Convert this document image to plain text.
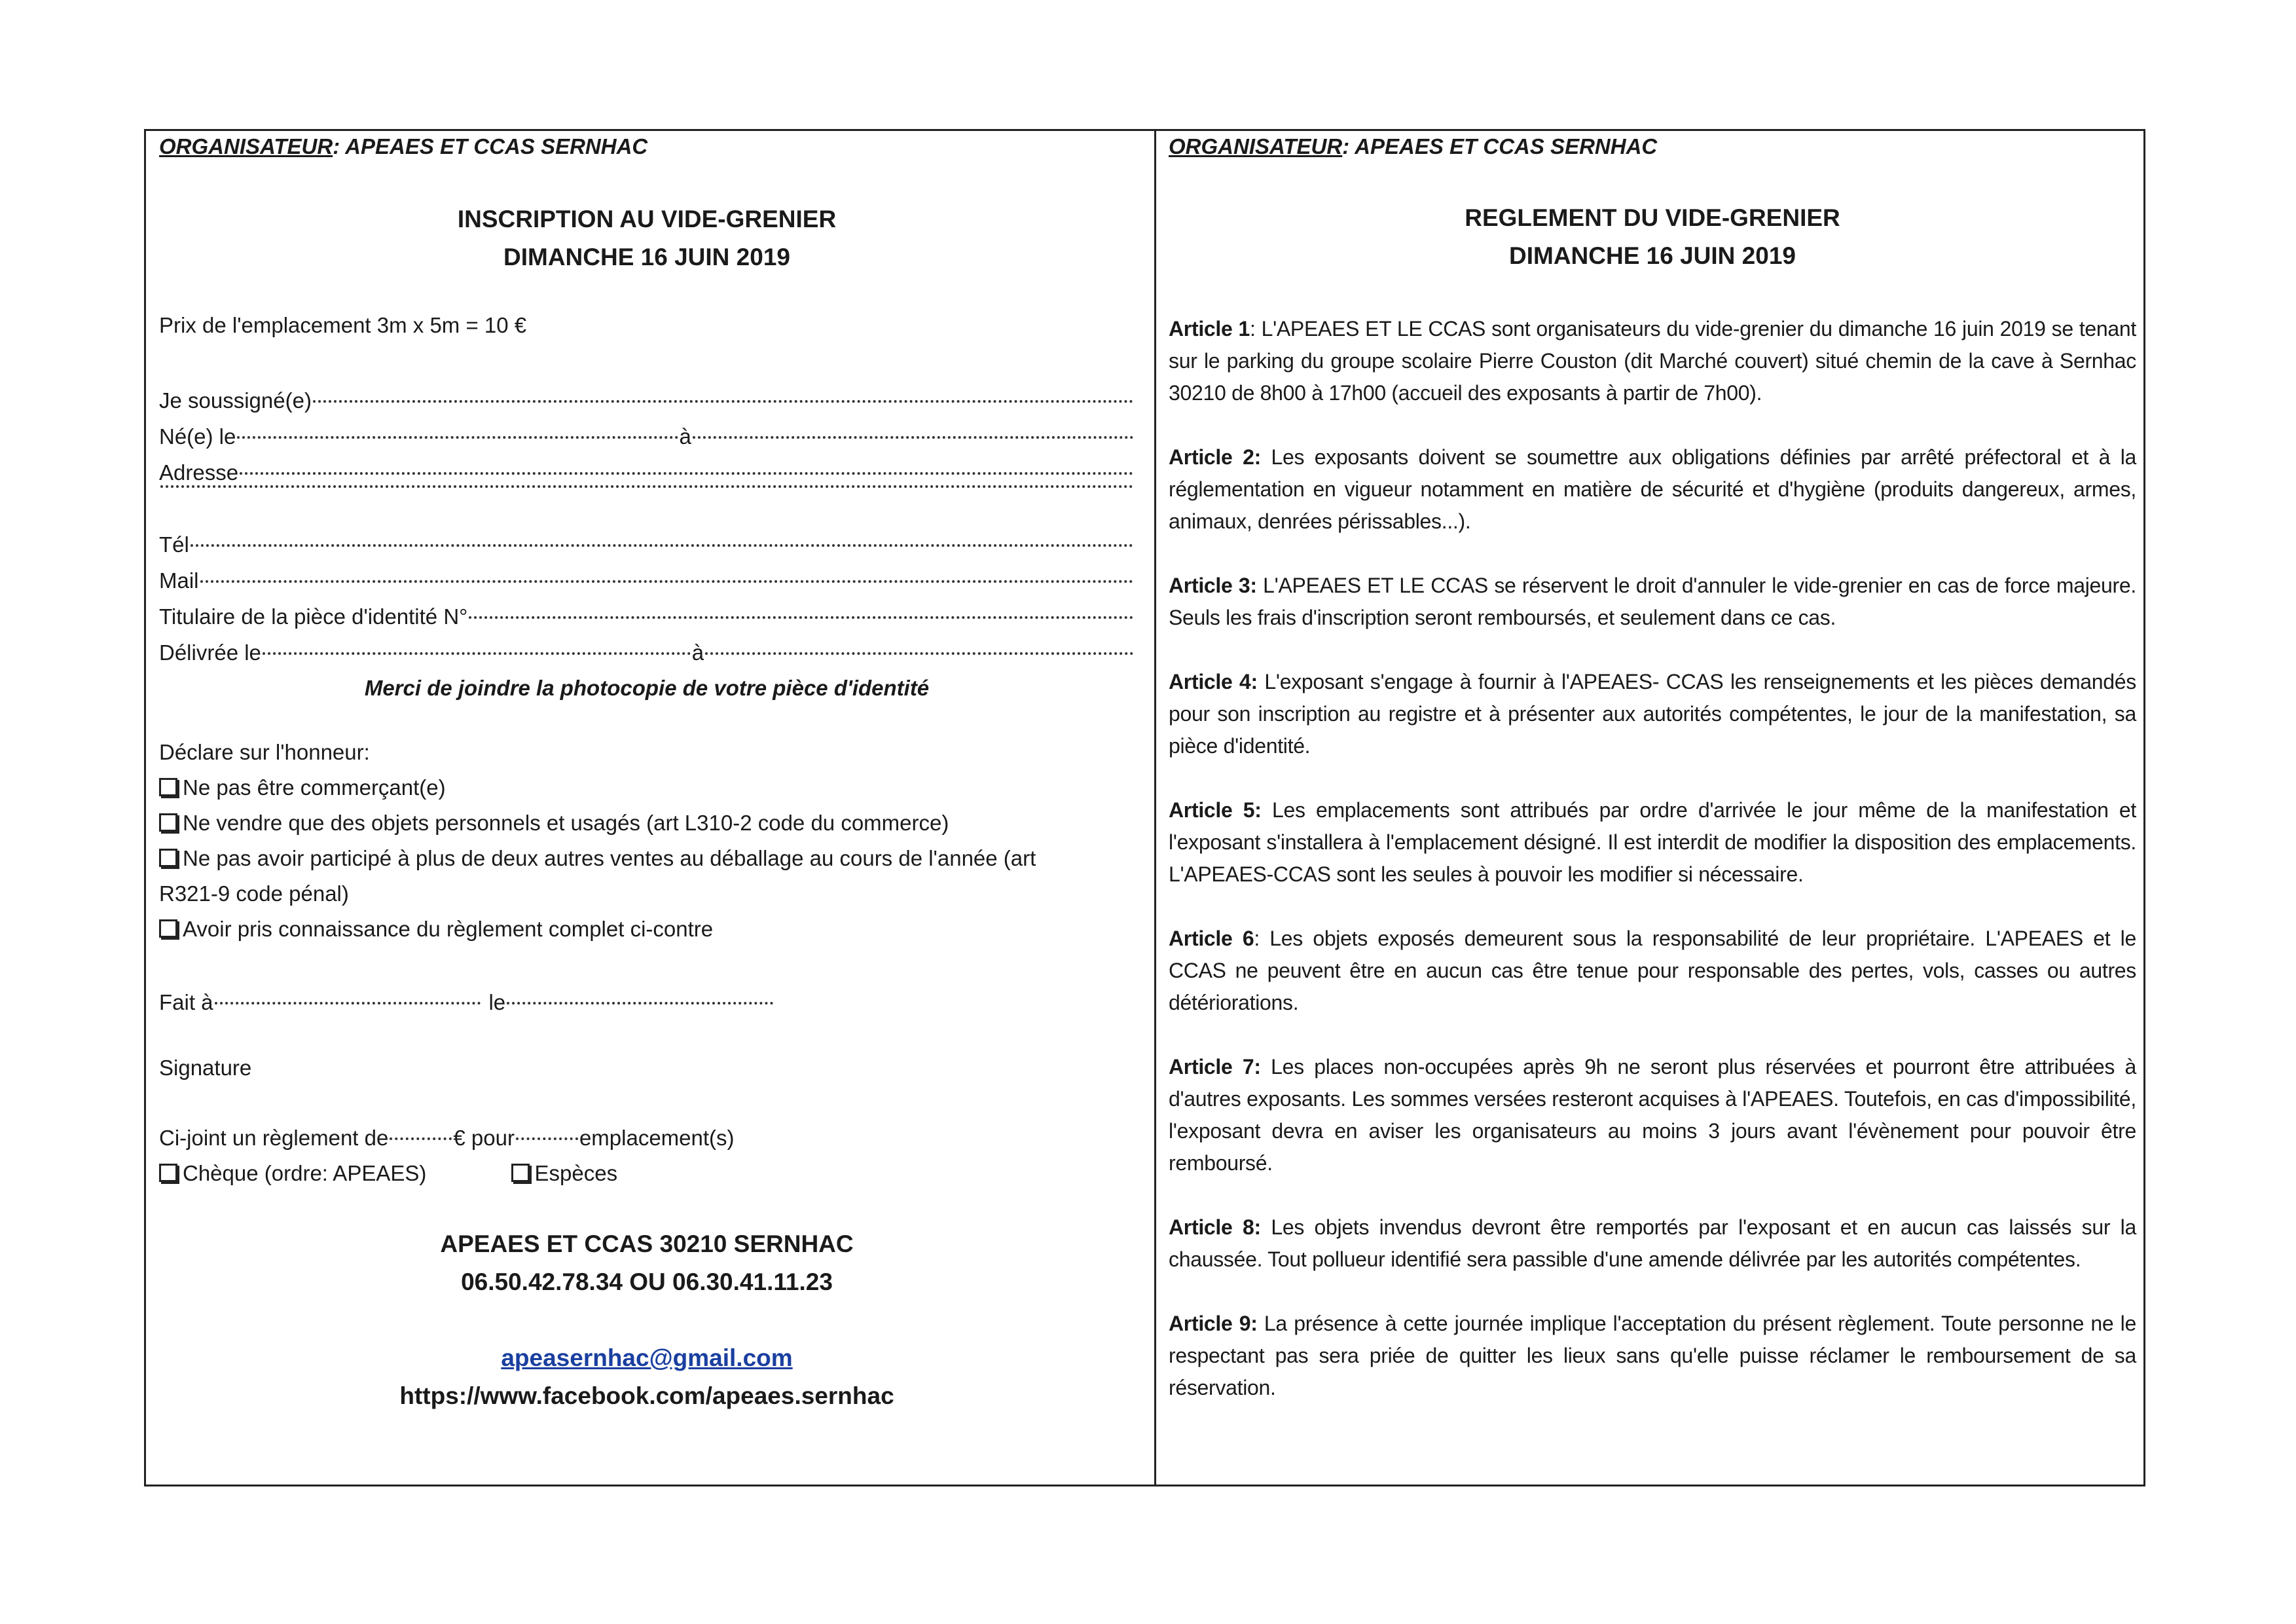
ORGANISATEUR: APEAES ET CCAS SERNHAC
INSCRIPTION AU VIDE-GRENIER
DIMANCHE 16 JUIN 2019
Prix de l'emplacement 3m x 5m = 10 €
Je soussigné(e)
Né(e) le	à
Adresse
Tél
Mail
Titulaire de la pièce d'identité N°
Délivrée le	à
Merci de joindre la photocopie de votre pièce d'identité
Déclare sur l'honneur:
Ne pas être commerçant(e)
Ne vendre que des objets personnels et usagés (art L310-2 code du commerce)
Ne pas avoir participé à plus de deux autres ventes au déballage au cours de l'année (art R321-9 code pénal)
Avoir pris connaissance du règlement complet ci-contre
Fait à	le
Signature
Ci-joint un règlement de	€ pour	emplacement(s)
Chèque (ordre: APEAES)	Espèces
APEAES ET CCAS 30210 SERNHAC
06.50.42.78.34 OU 06.30.41.11.23
apeasernhac@gmail.com
https://www.facebook.com/apeaes.sernhac
ORGANISATEUR: APEAES ET CCAS SERNHAC
REGLEMENT DU VIDE-GRENIER
DIMANCHE 16 JUIN 2019

Article 1: L'APEAES ET LE CCAS sont organisateurs du vide-grenier du dimanche 16 juin 2019 se tenant sur le parking du groupe scolaire Pierre Couston (dit Marché couvert) situé chemin de la cave à Sernhac 30210 de 8h00 à 17h00 (accueil des exposants à partir de 7h00).

Article 2: Les exposants doivent se soumettre aux obligations définies par arrêté préfectoral et à la réglementation en vigueur notamment en matière de sécurité et d'hygiène (produits dangereux, armes, animaux, denrées périssables...).

Article 3: L'APEAES ET LE CCAS se réservent le droit d'annuler le vide-grenier en cas de force majeure. Seuls les frais d'inscription seront remboursés, et seulement dans ce cas.

Article 4: L'exposant s'engage à fournir à l'APEAES- CCAS les renseignements et les pièces demandés pour son inscription au registre et à présenter aux autorités compétentes, le jour de la manifestation, sa pièce d'identité.

Article 5: Les emplacements sont attribués par ordre d'arrivée le jour même de la manifestation et l'exposant s'installera à l'emplacement désigné. Il est interdit de modifier la disposition des emplacements. L'APEAES-CCAS sont les seules à pouvoir les modifier si nécessaire.

Article 6: Les objets exposés demeurent sous la responsabilité de leur propriétaire. L'APEAES et le CCAS ne peuvent être en aucun cas être tenue pour responsable des pertes, vols, casses ou autres détériorations.

Article 7: Les places non-occupées après 9h ne seront plus réservées et pourront être attribuées à d'autres exposants. Les sommes versées resteront acquises à l'APEAES. Toutefois, en cas d'impossibilité, l'exposant devra en aviser les organisateurs au moins 3 jours avant l'évènement pour pouvoir être remboursé.

Article 8: Les objets invendus devront être remportés par l'exposant et en aucun cas laissés sur la chaussée. Tout pollueur identifié sera passible d'une amende délivrée par les autorités compétentes.

Article 9: La présence à cette journée implique l'acceptation du présent règlement. Toute personne ne le respectant pas sera priée de quitter les lieux sans qu'elle puisse réclamer le remboursement de sa réservation.
